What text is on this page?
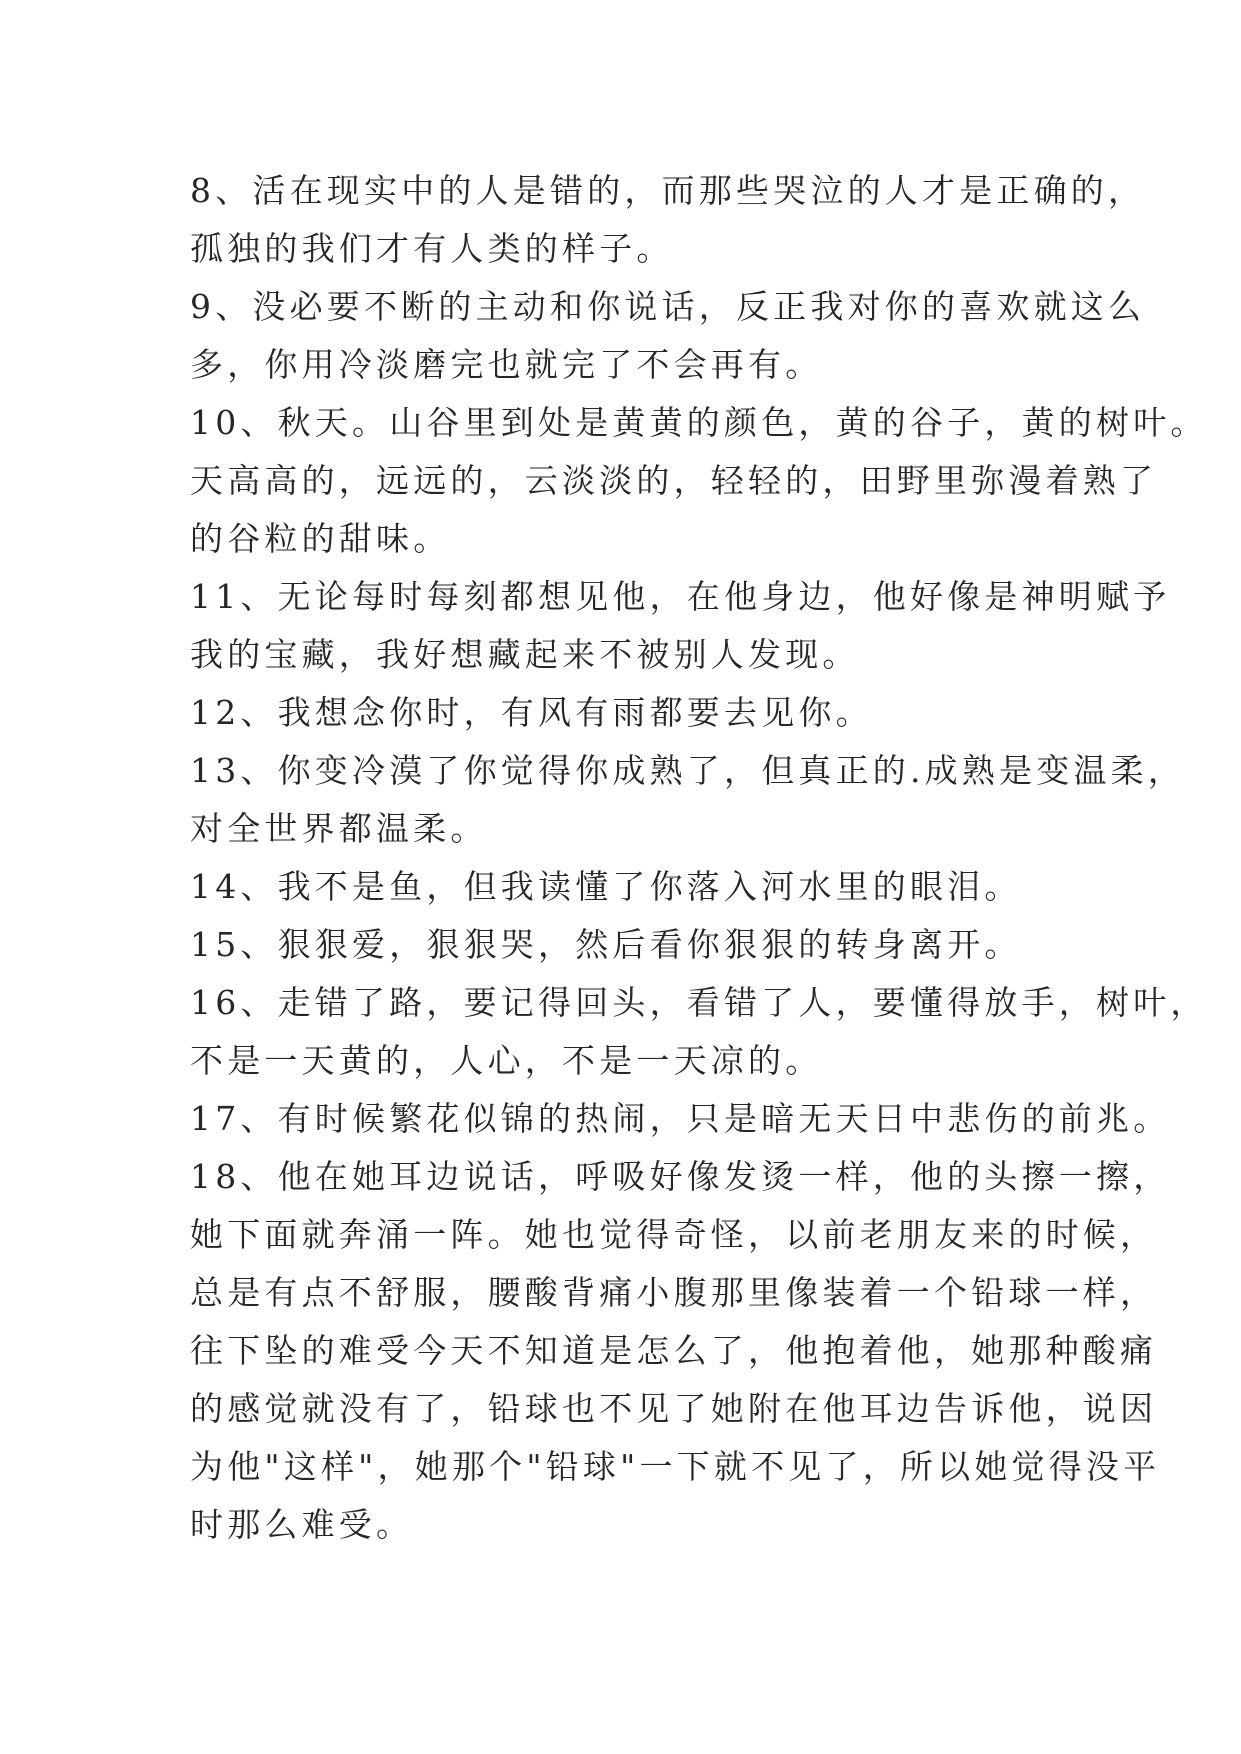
8、活在现实中的人是错的，而那些哭泣的人才是正确的，
孤独的我们才有人类的样子。
9、没必要不断的主动和你说话，反正我对你的喜欢就这么
多，你用冷淡磨完也就完了不会再有。
10、秋天。山谷里到处是黄黄的颜色，黄的谷子，黄的树叶。
天高高的，远远的，云淡淡的，轻轻的，田野里弥漫着熟了
的谷粒的甜味。
11、无论每时每刻都想见他，在他身边，他好像是神明赋予
我的宝藏，我好想藏起来不被别人发现。
12、我想念你时，有风有雨都要去见你。
13、你变冷漠了你觉得你成熟了，但真正的.成熟是变温柔，
对全世界都温柔。
14、我不是鱼，但我读懂了你落入河水里的眼泪。
15、狠狠爱，狠狠哭，然后看你狠狠的转身离开。
16、走错了路，要记得回头，看错了人，要懂得放手，树叶，
不是一天黄的，人心，不是一天凉的。
17、有时候繁花似锦的热闹，只是暗无天日中悲伤的前兆。
18、他在她耳边说话，呼吸好像发烫一样，他的头擦一擦，
她下面就奔涌一阵。她也觉得奇怪，以前老朋友来的时候，
总是有点不舒服，腰酸背痛小腹那里像装着一个铅球一样，
往下坠的难受今天不知道是怎么了，他抱着他，她那种酸痛
的感觉就没有了，铅球也不见了她附在他耳边告诉他，说因
为他"这样"，她那个"铅球"一下就不见了，所以她觉得没平
时那么难受。
